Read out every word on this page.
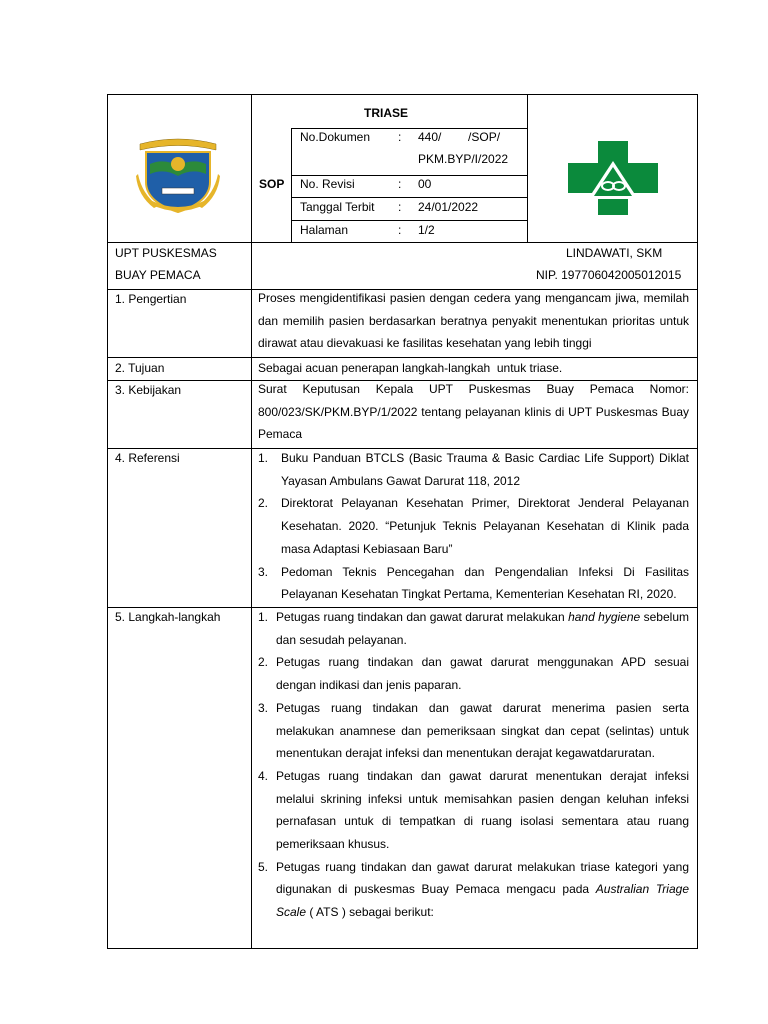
TRIASE
SOP
No.Dokumen : 440/        /SOP/
PKM.BYP/I/2022
No. Revisi	: 00
Tanggal Terbit : 24/01/2022
Halaman	: 1/2
UPT PUSKESMAS
BUAY PEMACA
LINDAWATI, SKM
NIP. 197706042005012015
1. Pengertian
2. Tujuan
3. Kebijakan
4. Referensi
5. Langkah-langkah
Proses mengidentifikasi pasien dengan cedera yang mengancam jiwa, memilah dan memilih pasien berdasarkan beratnya penyakit menentukan prioritas untuk dirawat atau dievakuasi ke fasilitas kesehatan yang lebih tinggi
Sebagai acuan penerapan langkah-langkah  untuk triase.
Surat Keputusan Kepala UPT Puskesmas Buay Pemaca Nomor: 800/023/SK/PKM.BYP/1/2022 tentang pelayanan klinis di UPT Puskesmas Buay Pemaca
1. Buku Panduan BTCLS (Basic Trauma & Basic Cardiac Life Support) Diklat Yayasan Ambulans Gawat Darurat 118, 2012
2. Direktorat Pelayanan Kesehatan Primer, Direktorat Jenderal Pelayanan Kesehatan. 2020. “Petunjuk Teknis Pelayanan Kesehatan di Klinik pada masa Adaptasi Kebiasaan Baru”
3. Pedoman Teknis Pencegahan dan Pengendalian Infeksi Di Fasilitas Pelayanan Kesehatan Tingkat Pertama, Kementerian Kesehatan RI, 2020.
1. Petugas ruang tindakan dan gawat darurat melakukan hand hygiene sebelum dan sesudah pelayanan.
2. Petugas ruang tindakan dan gawat darurat menggunakan APD sesuai dengan indikasi dan jenis paparan.
3. Petugas ruang tindakan dan gawat darurat menerima pasien serta melakukan anamnese dan pemeriksaan singkat dan cepat (selintas) untuk menentukan derajat infeksi dan menentukan derajat kegawatdaruratan.
4. Petugas ruang tindakan dan gawat darurat menentukan derajat infeksi melalui skrining infeksi untuk memisahkan pasien dengan keluhan infeksi pernafasan untuk di tempatkan di ruang isolasi sementara atau ruang pemeriksaan khusus.
5. Petugas ruang tindakan dan gawat darurat melakukan triase kategori yang digunakan di puskesmas Buay Pemaca mengacu pada Australian Triage Scale ( ATS ) sebagai berikut:
